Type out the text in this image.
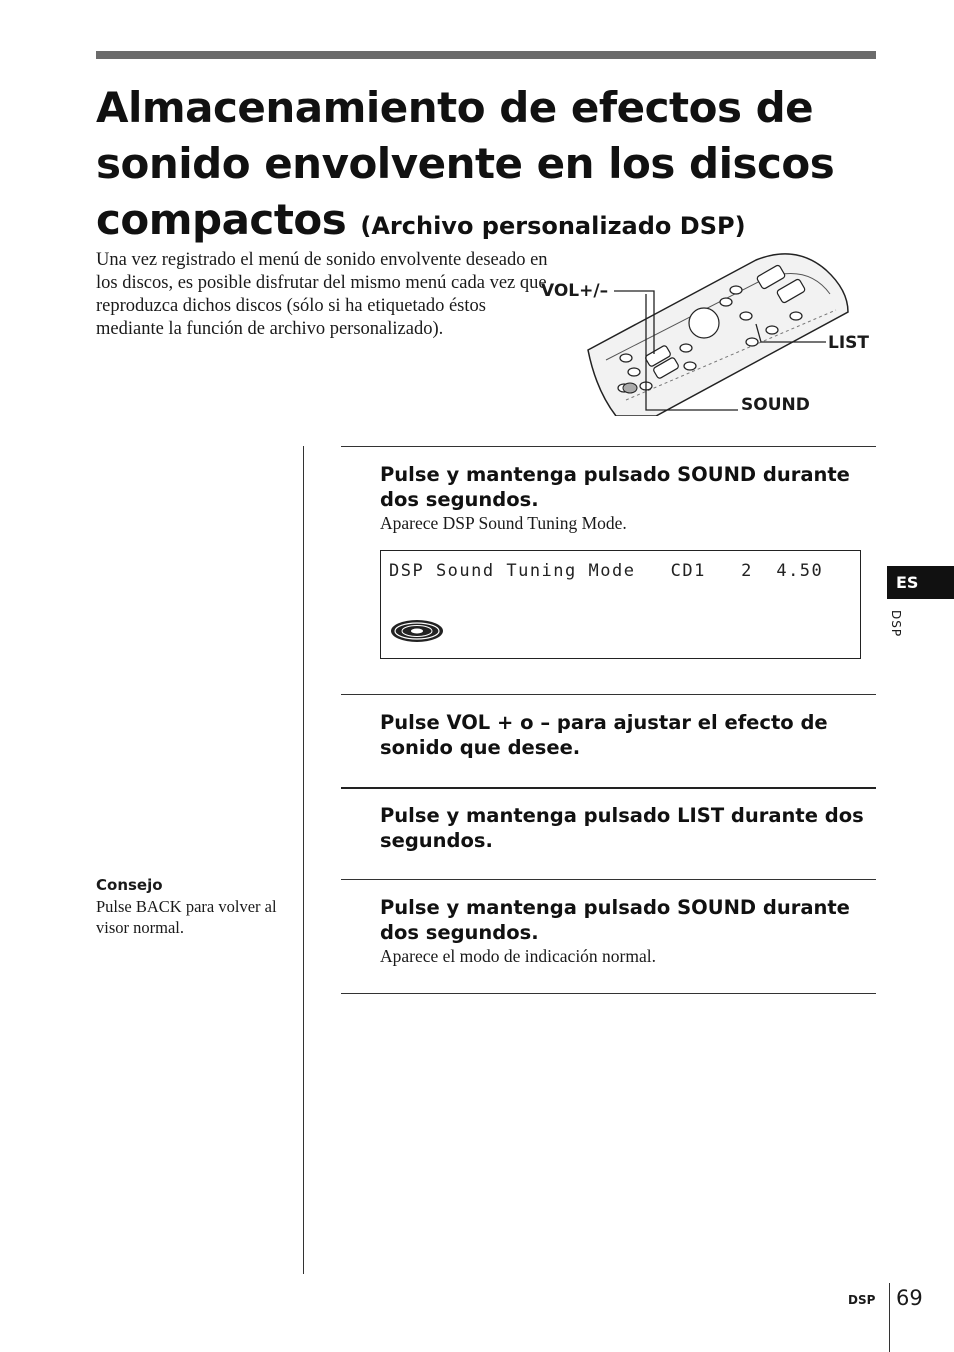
Almacenamiento de efectos de sonido envolvente en los discos compactos (Archivo personalizado DSP)

Una vez registrado el menú de sonido envolvente deseado en los discos, es posible disfrutar del mismo menú cada vez que reproduzca dichos discos (sólo si ha etiquetado éstos mediante la función de archivo personalizado).

VOL+/–
LIST
SOUND

Pulse y mantenga pulsado SOUND durante dos segundos.

Aparece DSP Sound Tuning Mode.

DSP Sound Tuning Mode CD1 2 4.50

Pulse VOL + o – para ajustar el efecto de sonido que desee.

Pulse y mantenga pulsado LIST durante dos segundos.

Pulse y mantenga pulsado SOUND durante dos segundos.

Aparece el modo de indicación normal.

Consejo

Pulse BACK para volver al visor normal.

ES
DSP
DSP 69
